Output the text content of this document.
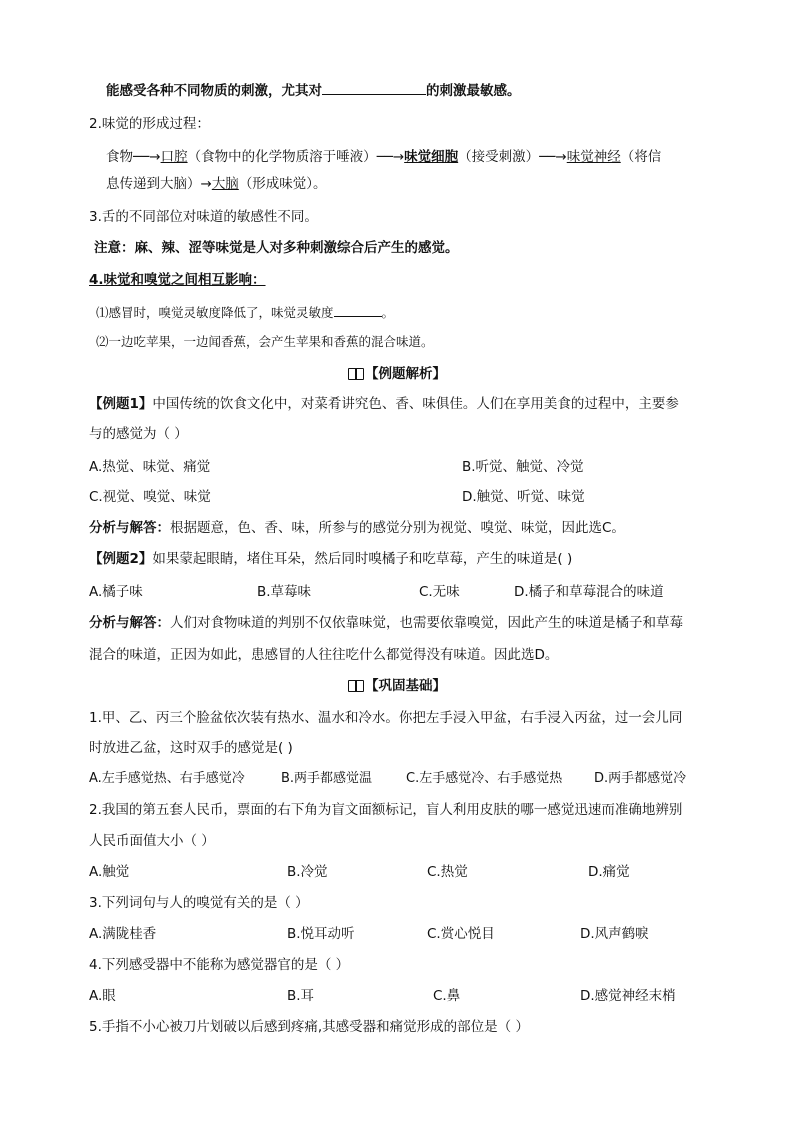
能感受各种不同物质的刺激，尤其对	的刺激最敏感。
2.味觉的形成过程：
食物──→口腔（食物中的化学物质溶于唾液）──→味觉细胞（接受刺激）──→味觉神经（将信
息传递到大脑）→大脑（形成味觉）。
3.舌的不同部位对味道的敏感性不同。
注意：麻、辣、涩等味觉是人对多种刺激综合后产生的感觉。
4.味觉和嗅觉之间相互影响：
⑴感冒时，嗅觉灵敏度降低了，味觉灵敏度	。
⑵一边吃苹果，一边闻香蕉，会产生苹果和香蕉的混合味道。
【例题解析】
【例题1】中国传统的饮食文化中，对菜肴讲究色、香、味俱佳。人们在享用美食的过程中，主要参
与的感觉为（ ）
A.热觉、味觉、痛觉	B.听觉、触觉、冷觉
C.视觉、嗅觉、味觉	D.触觉、听觉、味觉
分析与解答：根据题意，色、香、味，所参与的感觉分别为视觉、嗅觉、味觉，因此选C。
【例题2】如果蒙起眼睛，堵住耳朵，然后同时嗅橘子和吃草莓，产生的味道是( )
A.橘子味	B.草莓味	C.无味	D.橘子和草莓混合的味道
分析与解答：人们对食物味道的判别不仅依靠味觉，也需要依靠嗅觉，因此产生的味道是橘子和草莓
混合的味道，正因为如此，患感冒的人往往吃什么都觉得没有味道。因此选D。
【巩固基础】
1.甲、乙、丙三个脸盆依次装有热水、温水和冷水。你把左手浸入甲盆，右手浸入丙盆，过一会儿同
时放进乙盆，这时双手的感觉是( )
A.左手感觉热、右手感觉冷	B.两手都感觉温	C.左手感觉冷、右手感觉热 D.两手都感觉冷
2.我国的第五套人民币，票面的右下角为盲文面额标记，盲人利用皮肤的哪一感觉迅速而准确地辨别
人民币面值大小（ ）
A.触觉	B.冷觉	C.热觉	D.痛觉
3.下列词句与人的嗅觉有关的是（ ）
A.满陇桂香	B.悦耳动听	C.赏心悦目	D.风声鹤唳
4.下列感受器中不能称为感觉器官的是（ ）
A.眼	B.耳	C.鼻	D.感觉神经末梢
5.手指不小心被刀片划破以后感到疼痛,其感受器和痛觉形成的部位是（ ）
